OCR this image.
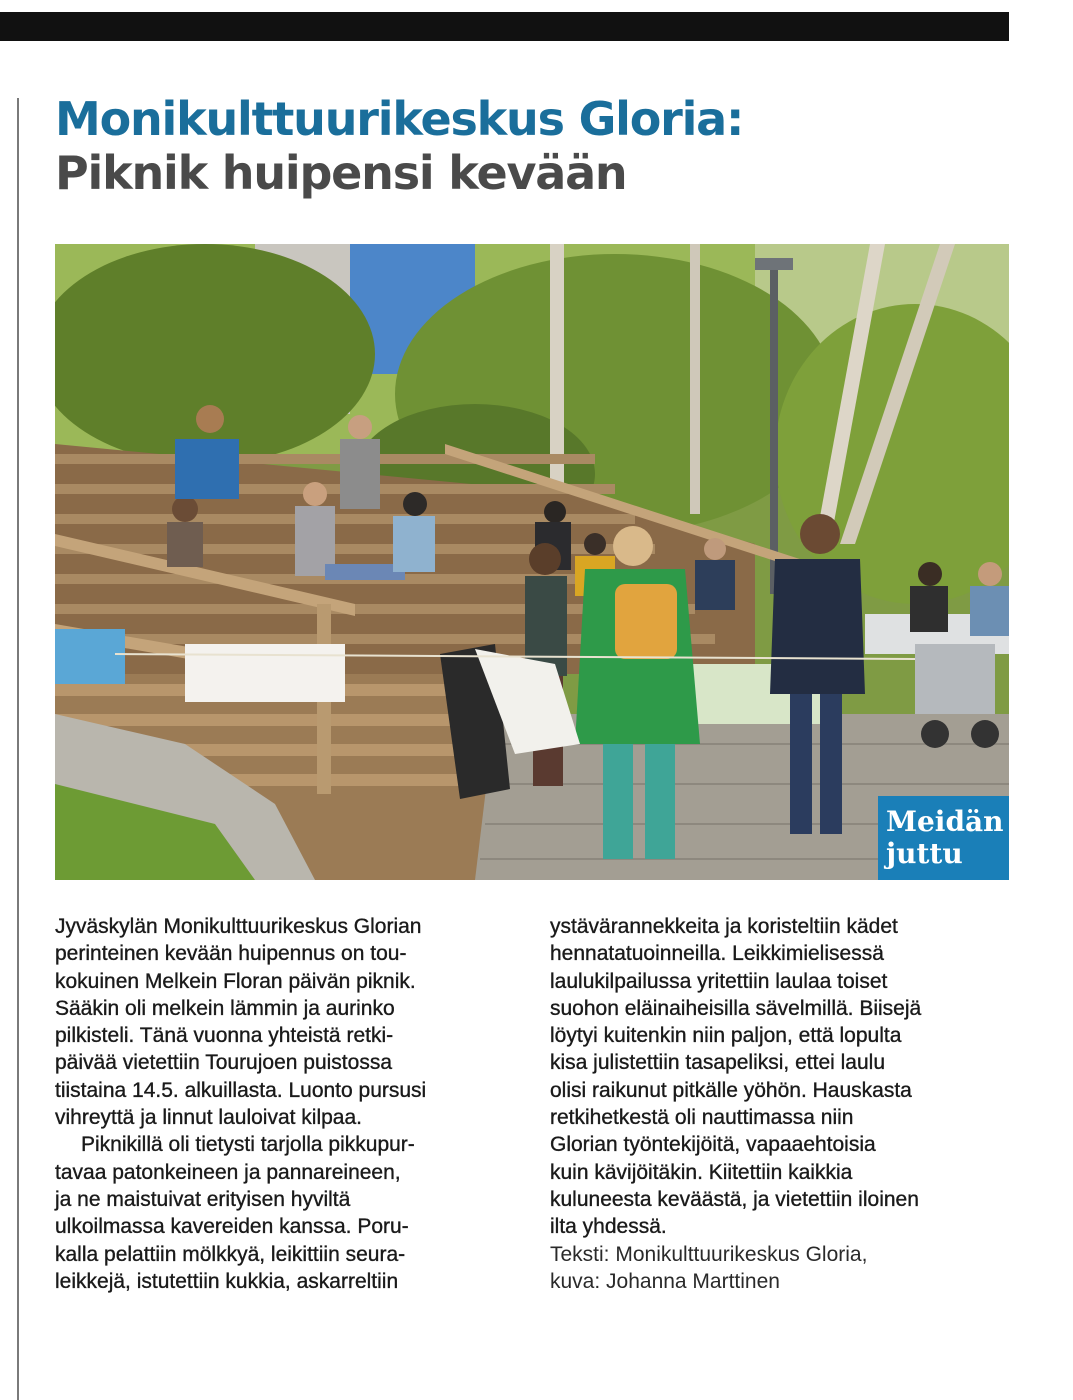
Monikulttuurikeskus Gloria:
Piknik huipensi kevään
Meidän
juttu

Jyväskylän Monikulttuurikeskus Glorian
perinteinen kevään huipennus on tou-
kokuinen Melkein Floran päivän piknik.
Sääkin oli melkein lämmin ja aurinko
pilkisteli. Tänä vuonna yhteistä retki-
päivää vietettiin Tourujoen puistossa
tiistaina 14.5. alkuillasta. Luonto pursusi
vihreyttä ja linnut lauloivat kilpaa.

Piknikillä oli tietysti tarjolla pikkupur-
tavaa patonkeineen ja pannareineen,
ja ne maistuivat erityisen hyviltä
ulkoilmassa kavereiden kanssa. Poru-
kalla pelattiin mölkkyä, leikittiin seura-
leikkejä, istutettiin kukkia, askarreltiin

ystävärannekkeita ja koristeltiin kädet
hennatatuoinneilla. Leikkimielisessä
laulukilpailussa yritettiin laulaa toiset
suohon eläinaiheisilla sävelmillä. Biisejä
löytyi kuitenkin niin paljon, että lopulta
kisa julistettiin tasapeliksi, ettei laulu
olisi raikunut pitkälle yöhön. Hauskasta
retkihetkestä oli nauttimassa niin
Glorian työntekijöitä, vapaaehtoisia
kuin kävijöitäkin. Kiitettiin kaikkia
kuluneesta keväästä, ja vietettiin iloinen
ilta yhdessä.

Teksti: Monikulttuurikeskus Gloria,
kuva: Johanna Marttinen
